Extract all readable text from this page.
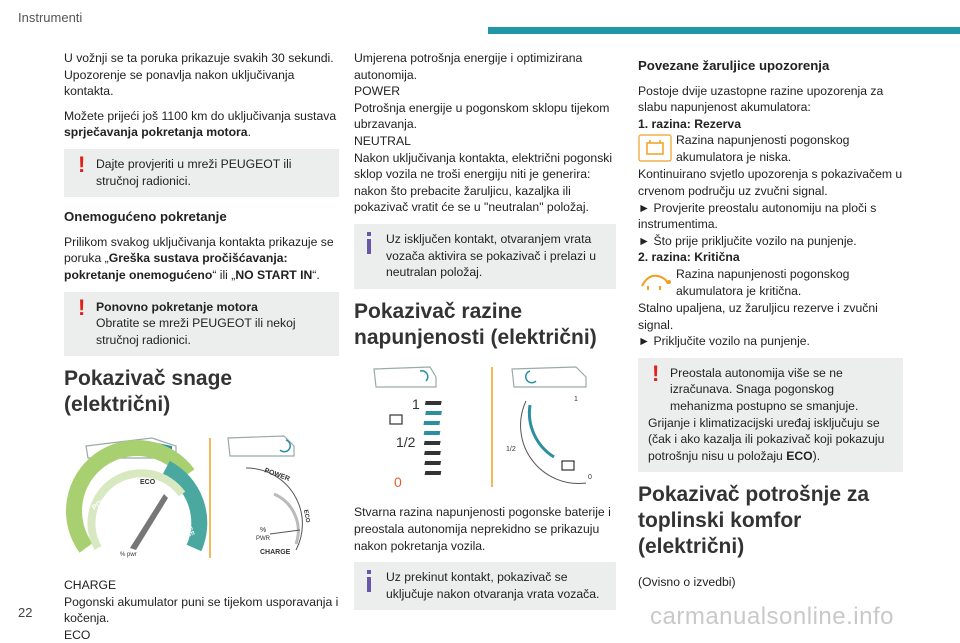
Instrumenti

U vožnji se ta poruka prikazuje svakih 30 sekundi. Upozorenje se ponavlja nakon uključivanja kontakta.

Možete prijeći još 1100 km do uključivanja sustava sprječavanja pokretanja motora.

! Dajte provjeriti u mreži PEUGEOT ili stručnoj radionici.
Onemogućeno pokretanje

Prilikom svakog uključivanja kontakta prikazuje se poruka „Greška sustava pročišćavanja: pokretanje onemogućeno“ ili „NO START IN“.

! Ponovno pokretanje motora
Obratite se mreži PEUGEOT ili nekoj stručnoj radionici.
Pokazivač snage (električni)
POWER
ECO
CHARGE
% pwr
POWER
ECO
CHARGE
%
PWR

CHARGE
Pogonski akumulator puni se tijekom usporavanja i kočenja.
ECO

Umjerena potrošnja energije i optimizirana autonomija.

POWER
Potrošnja energije u pogonskom sklopu tijekom ubrzavanja.

NEUTRAL
Nakon uključivanja kontakta, električni pogonski sklop vozila ne troši energiju niti je generira: nakon što prebacite žaruljicu, kazaljka ili pokazivač vratit će se u "neutralan" položaj.

Uz isključen kontakt, otvaranjem vrata vozača aktivira se pokazivač i prelazi u neutralan položaj.
Pokazivač razine napunjenosti (električni)
1
1/2
0
1
1/2
0

Stvarna razina napunjenosti pogonske baterije i preostala autonomija neprekidno se prikazuju nakon pokretanja vozila.

Uz prekinut kontakt, pokazivač se uključuje nakon otvaranja vrata vozača.
Povezane žaruljice upozorenja

Postoje dvije uzastopne razine upozorenja za slabu napunjenost akumulatora:

1. razina: Rezerva
Razina napunjenosti pogonskog akumulatora je niska.

Kontinuirano svjetlo upozorenja s pokazivačem u crvenom području uz zvučni signal.

► Provjerite preostalu autonomiju na ploči s instrumentima.

► Što prije priključite vozilo na punjenje.

2. razina: Kritična
Razina napunjenosti pogonskog akumulatora je kritična.

Stalno upaljena, uz žaruljicu rezerve i zvučni signal.

► Priključite vozilo na punjenje.

! Preostala autonomija više se ne izračunava. Snaga pogonskog mehanizma postupno se smanjuje.
Grijanje i klimatizacijski uređaj isključuju se (čak i ako kazalja ili pokazivač koji pokazuju potrošnju nisu u položaju ECO).
Pokazivač potrošnje za toplinski komfor (električni)

(Ovisno o izvedbi)

22	carmanualsonline.info
